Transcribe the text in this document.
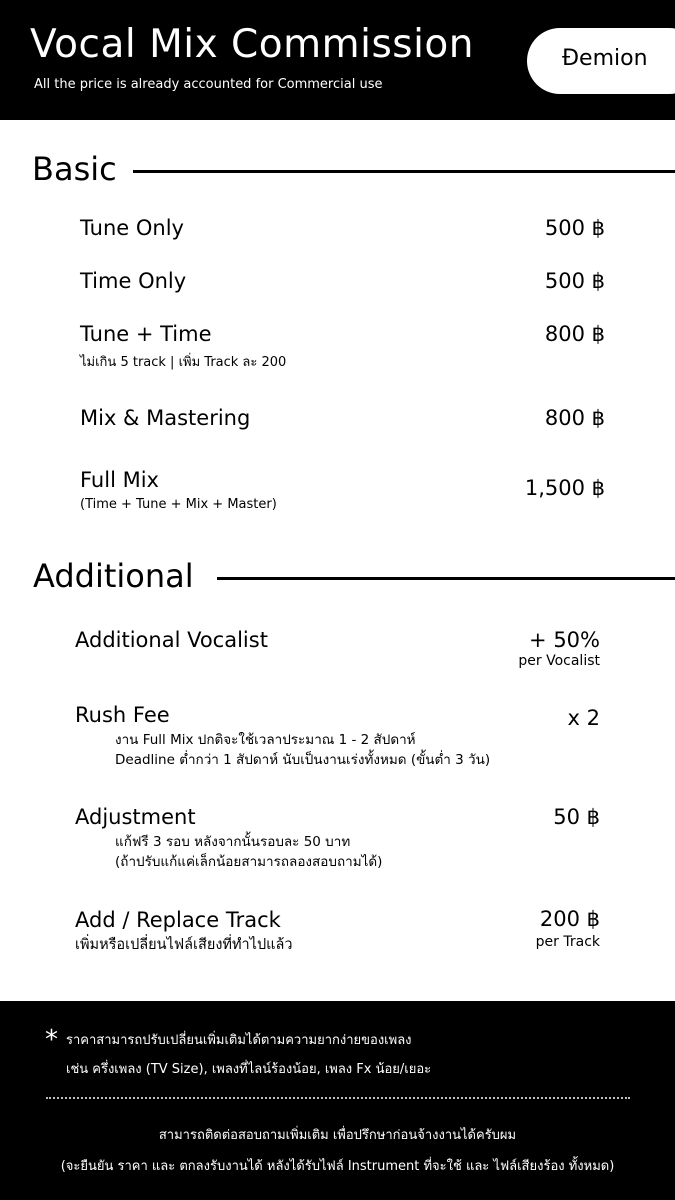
Vocal Mix Commission
All the price is already accounted for Commercial use
Đemion
Basic
Tune Only	500 ฿
Time Only	500 ฿
Tune + Time	800 ฿
ไม่เกิน 5 track | เพิ่ม Track ละ 200
Mix & Mastering	800 ฿
Full Mix	1,500 ฿
(Time + Tune + Mix + Master)
Additional
Additional Vocalist	+ 50%
per Vocalist
Rush Fee	x 2
งาน Full Mix ปกติจะใช้เวลาประมาณ 1 - 2 สัปดาห์
Deadline ต่ำกว่า 1 สัปดาห์ นับเป็นงานเร่งทั้งหมด (ขั้นต่ำ 3 วัน)
Adjustment	50 ฿
แก้ฟรี 3 รอบ หลังจากนั้นรอบละ 50 บาท
(ถ้าปรับแก้แค่เล็กน้อยสามารถลองสอบถามได้)
Add / Replace Track	200 ฿
per Track
เพิ่มหรือเปลี่ยนไฟล์เสียงที่ทำไปแล้ว
* ราคาสามารถปรับเปลี่ยนเพิ่มเติมได้ตามความยากง่ายของเพลง
เช่น ครึ่งเพลง (TV Size), เพลงที่ไลน์ร้องน้อย, เพลง Fx น้อย/เยอะ
สามารถติดต่อสอบถามเพิ่มเติม เพื่อปรึกษาก่อนจ้างงานได้ครับผม
(จะยืนยัน ราคา และ ตกลงรับงานได้ หลังได้รับไฟล์ Instrument ที่จะใช้ และ ไฟล์เสียงร้อง ทั้งหมด)
